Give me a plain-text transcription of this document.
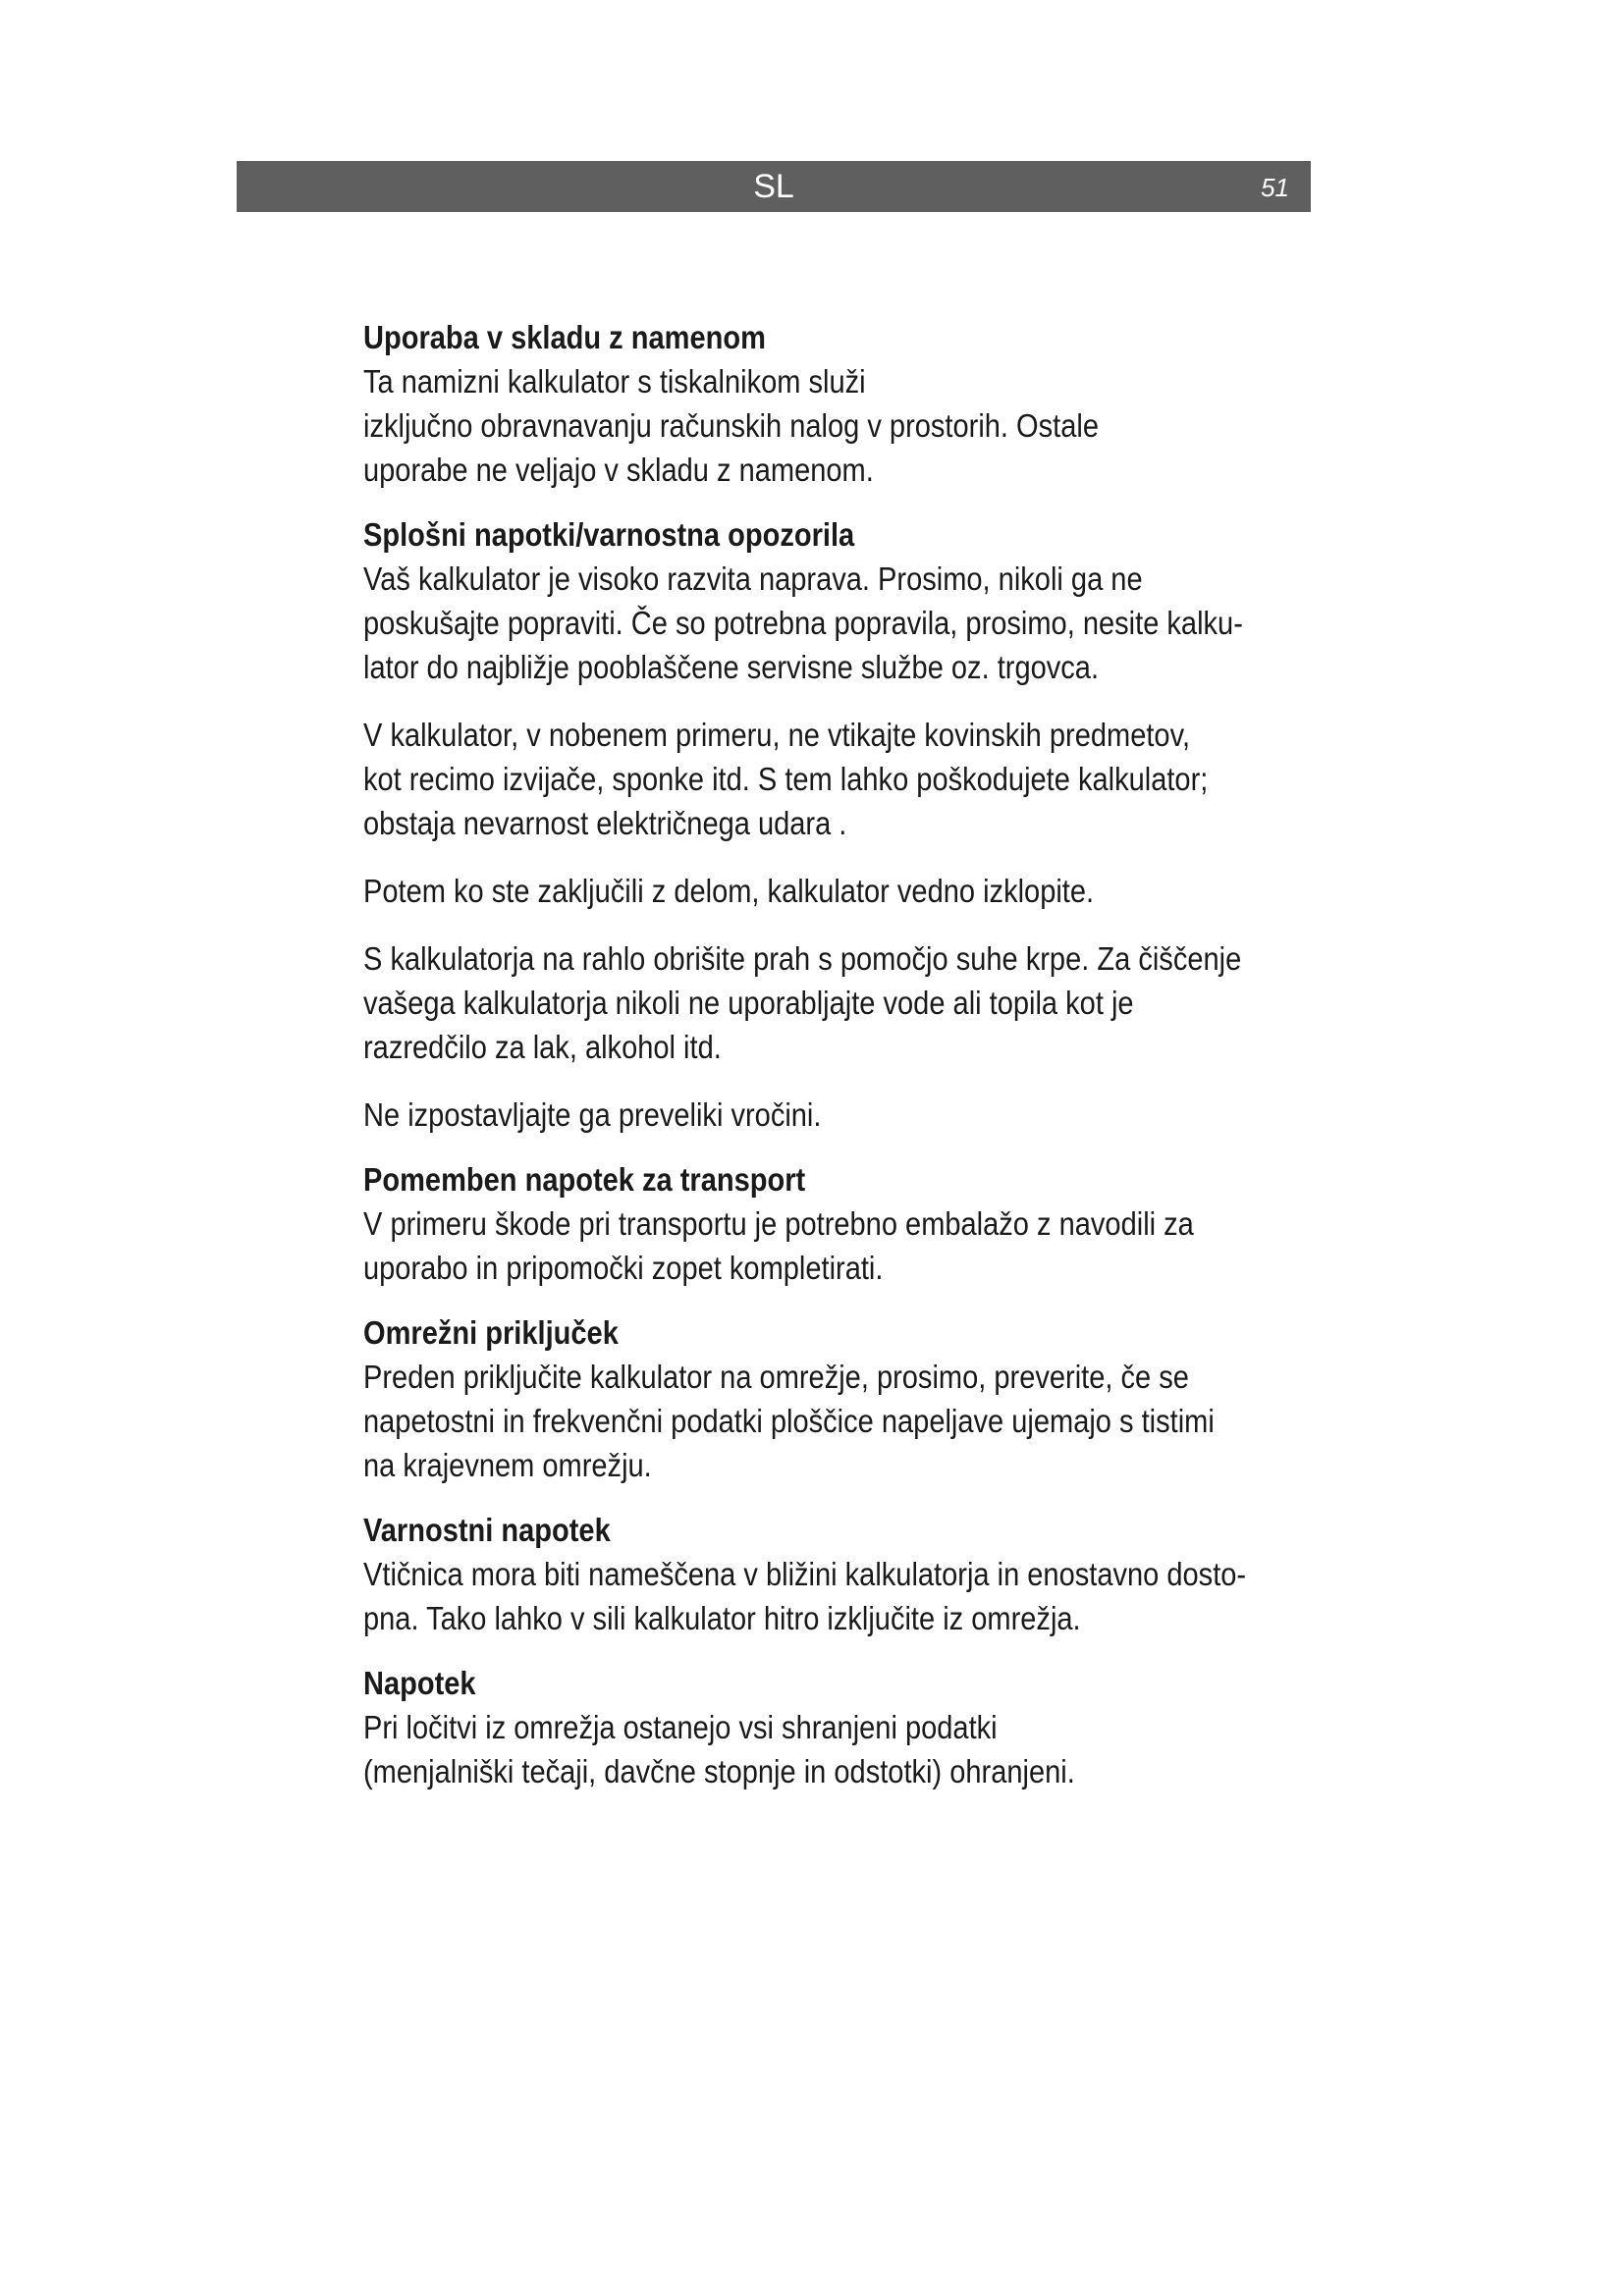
SL	51
Uporaba v skladu z namenom
Ta namizni kalkulator s tiskalnikom služi
izključno obravnavanju računskih nalog v prostorih. Ostale
uporabe ne veljajo v skladu z namenom.
Splošni napotki/varnostna opozorila
Vaš kalkulator je visoko razvita naprava. Prosimo, nikoli ga ne
poskušajte popraviti. Če so potrebna popravila, prosimo, nesite kalku-
lator do najbližje pooblaščene servisne službe oz. trgovca.
V kalkulator, v nobenem primeru, ne vtikajte kovinskih predmetov,
kot recimo izvijače, sponke itd. S tem lahko poškodujete kalkulator;
obstaja nevarnost električnega udara .
Potem ko ste zaključili z delom, kalkulator vedno izklopite.
S kalkulatorja na rahlo obrišite prah s pomočjo suhe krpe. Za čiščenje
vašega kalkulatorja nikoli ne uporabljajte vode ali topila kot je
razredčilo za lak, alkohol itd.
Ne izpostavljajte ga preveliki vročini.
Pomemben napotek za transport
V primeru škode pri transportu je potrebno embalažo z navodili za
uporabo in pripomočki zopet kompletirati.
Omrežni priključek
Preden priključite kalkulator na omrežje, prosimo, preverite, če se
napetostni in frekvenčni podatki ploščice napeljave ujemajo s tistimi
na krajevnem omrežju.
Varnostni napotek
Vtičnica mora biti nameščena v bližini kalkulatorja in enostavno dosto-
pna. Tako lahko v sili kalkulator hitro izključite iz omrežja.
Napotek
Pri ločitvi iz omrežja ostanejo vsi shranjeni podatki
(menjalniški tečaji, davčne stopnje in odstotki) ohranjeni.
